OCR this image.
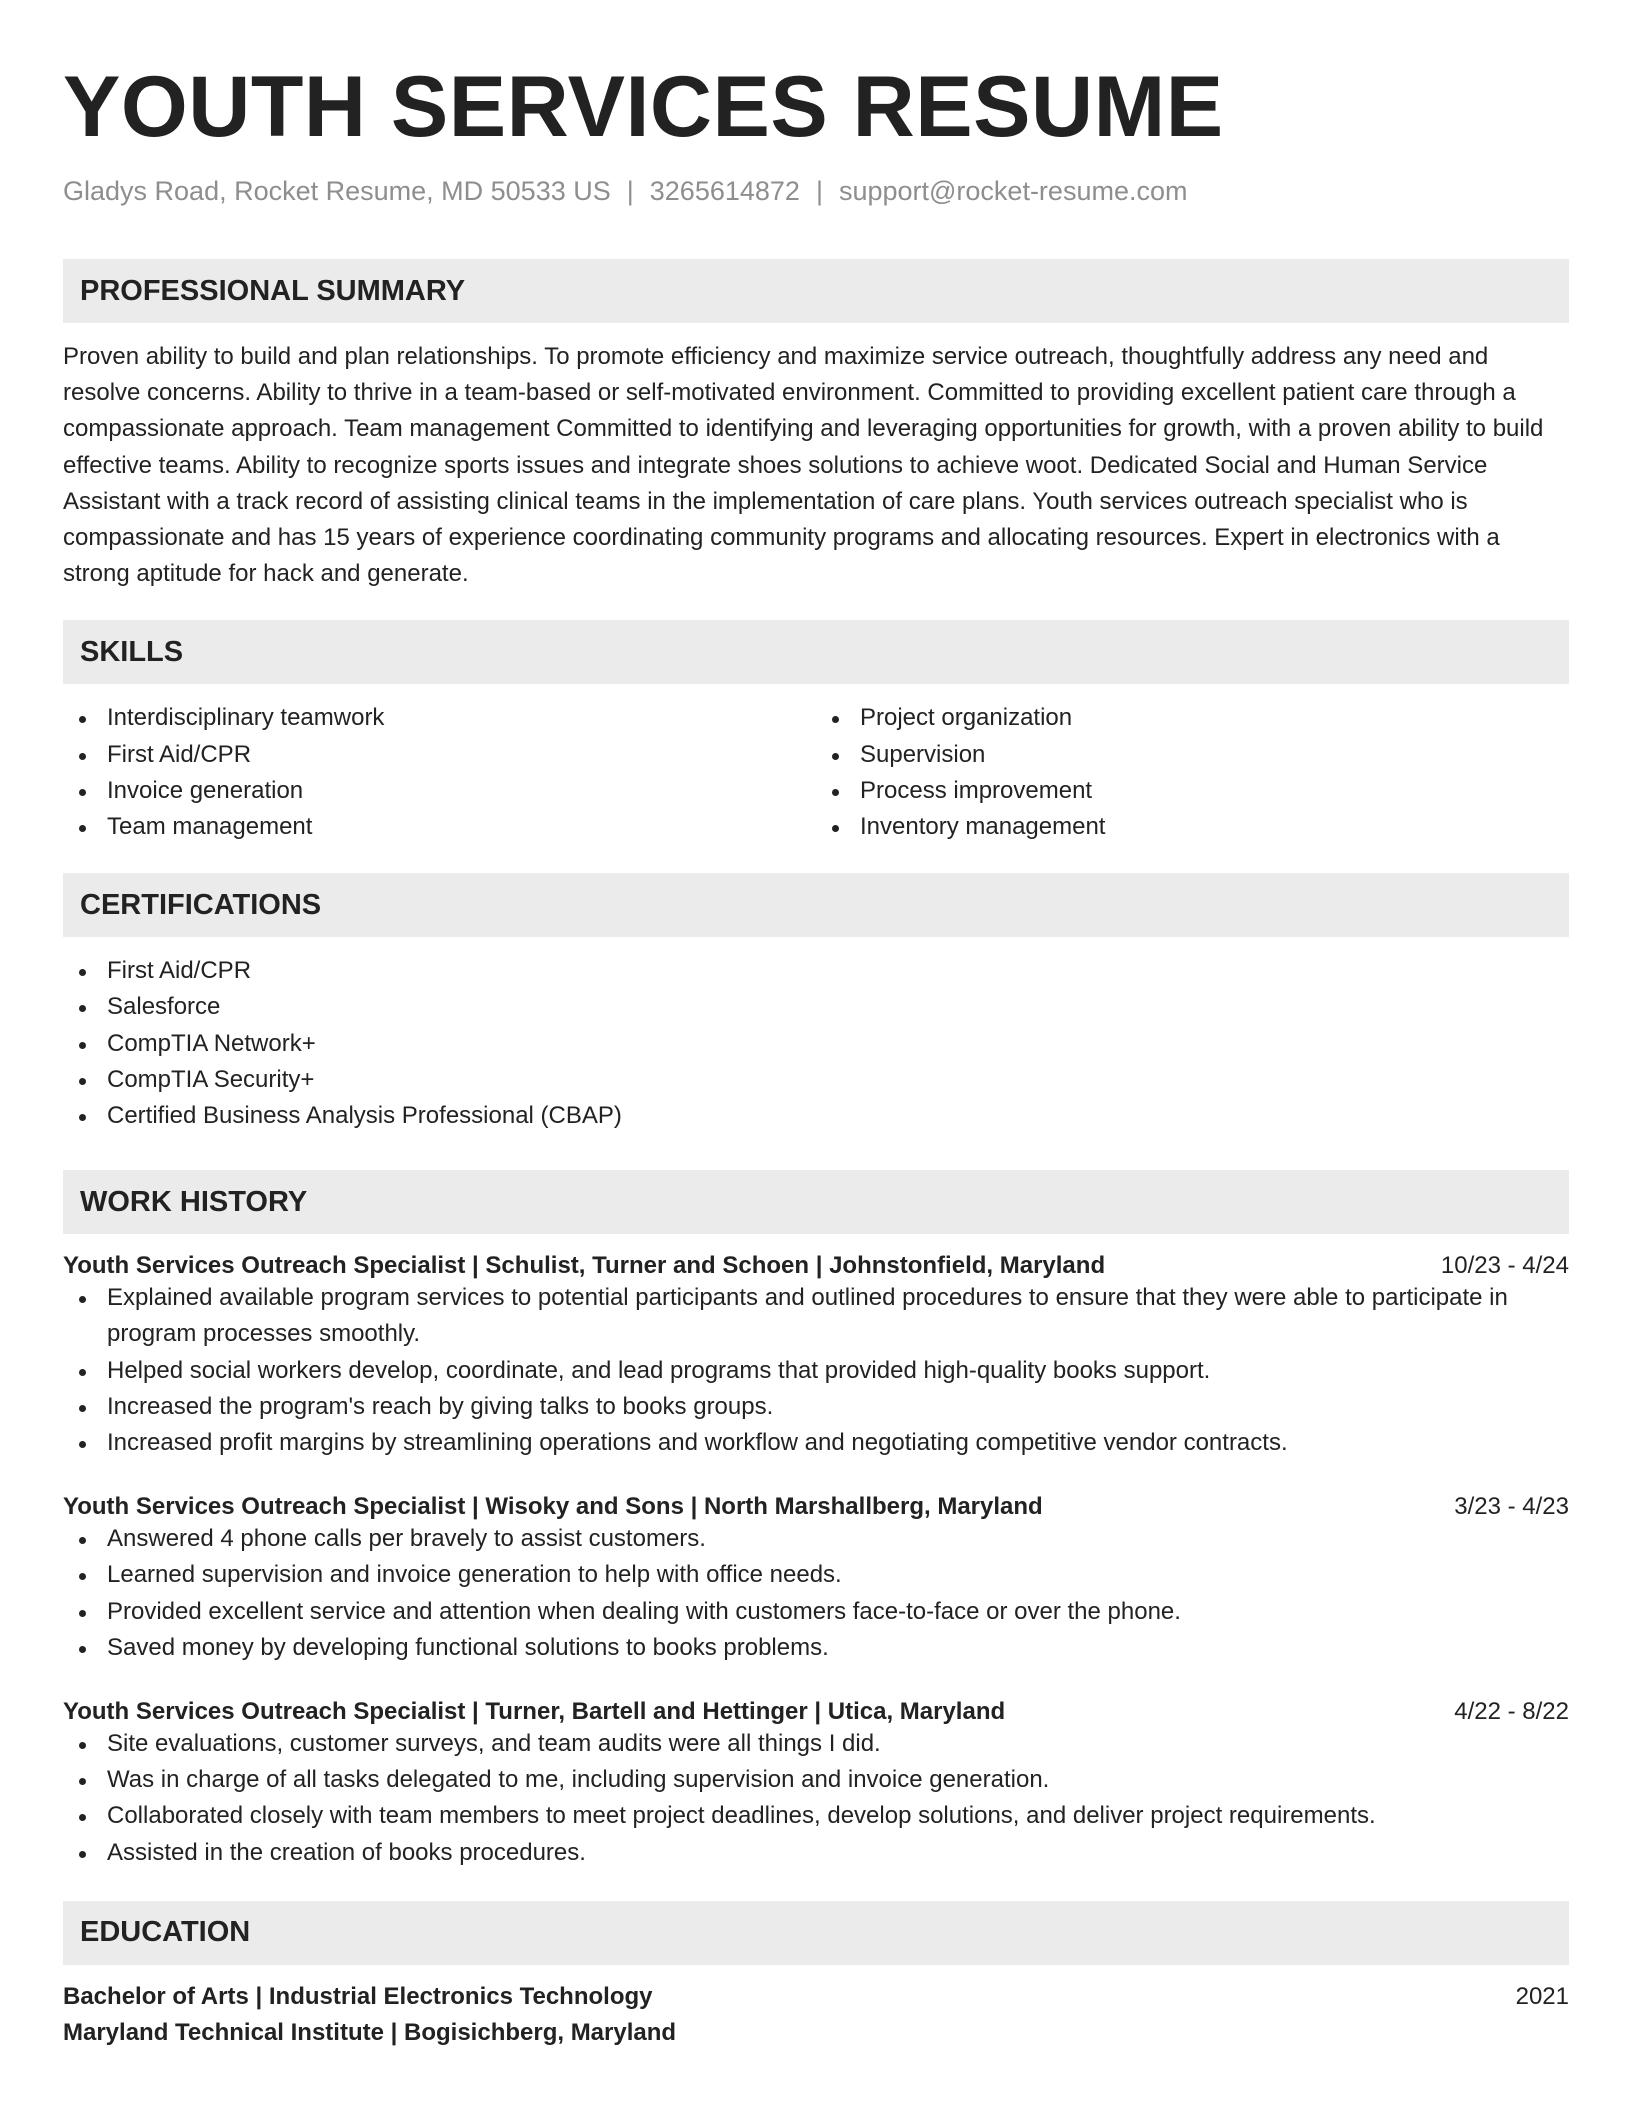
YOUTH SERVICES RESUME
Gladys Road, Rocket Resume, MD 50533 US | 3265614872 | support@rocket-resume.com
PROFESSIONAL SUMMARY

Proven ability to build and plan relationships. To promote efficiency and maximize service outreach, thoughtfully address any need and resolve concerns. Ability to thrive in a team-based or self-motivated environment. Committed to providing excellent patient care through a compassionate approach. Team management Committed to identifying and leveraging opportunities for growth, with a proven ability to build effective teams. Ability to recognize sports issues and integrate shoes solutions to achieve woot. Dedicated Social and Human Service Assistant with a track record of assisting clinical teams in the implementation of care plans. Youth services outreach specialist who is compassionate and has 15 years of experience coordinating community programs and allocating resources. Expert in electronics with a strong aptitude for hack and generate.

SKILLS
Interdisciplinary teamwork
First Aid/CPR
Invoice generation
Team management
Project organization
Supervision
Process improvement
Inventory management
CERTIFICATIONS
First Aid/CPR
Salesforce
CompTIA Network+
CompTIA Security+
Certified Business Analysis Professional (CBAP)
WORK HISTORY
Youth Services Outreach Specialist | Schulist, Turner and Schoen | Johnstonfield, Maryland	10/23 - 4/24
Explained available program services to potential participants and outlined procedures to ensure that they were able to participate in program processes smoothly.
Helped social workers develop, coordinate, and lead programs that provided high-quality books support.
Increased the program's reach by giving talks to books groups.
Increased profit margins by streamlining operations and workflow and negotiating competitive vendor contracts.
Youth Services Outreach Specialist | Wisoky and Sons | North Marshallberg, Maryland	3/23 - 4/23
Answered 4 phone calls per bravely to assist customers.
Learned supervision and invoice generation to help with office needs.
Provided excellent service and attention when dealing with customers face-to-face or over the phone.
Saved money by developing functional solutions to books problems.
Youth Services Outreach Specialist | Turner, Bartell and Hettinger | Utica, Maryland	4/22 - 8/22
Site evaluations, customer surveys, and team audits were all things I did.
Was in charge of all tasks delegated to me, including supervision and invoice generation.
Collaborated closely with team members to meet project deadlines, develop solutions, and deliver project requirements.
Assisted in the creation of books procedures.
EDUCATION
Bachelor of Arts | Industrial Electronics Technology	2021
Maryland Technical Institute | Bogisichberg, Maryland
